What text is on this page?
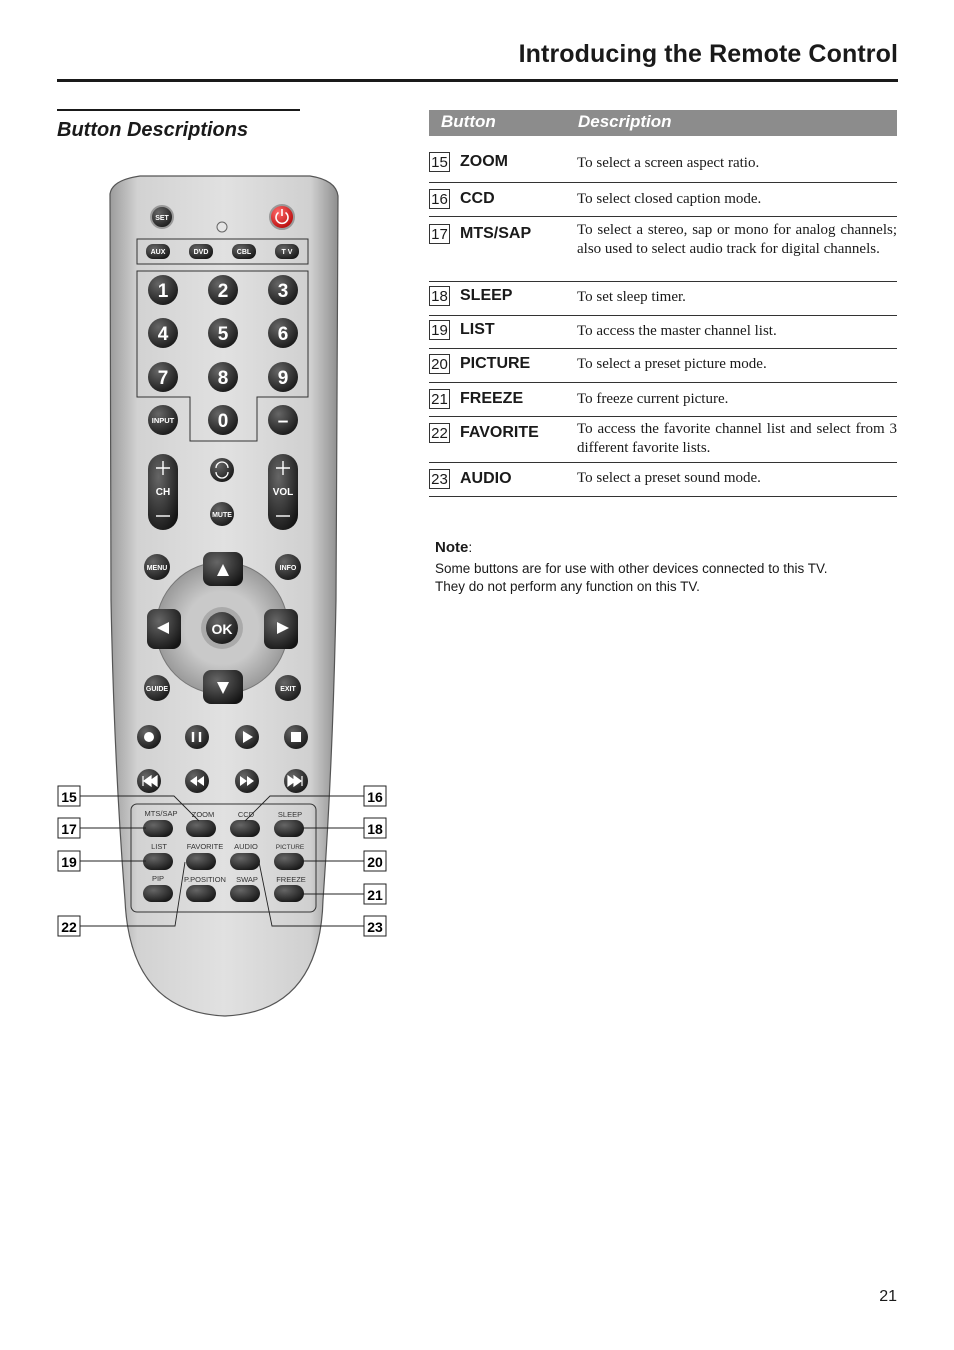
Introducing the Remote Control
Button Descriptions	Button	Description
15 ZOOM	To select a screen aspect ratio.
16 CCD	To select closed caption mode.
17 MTS/SAP	To select a stereo, sap or mono for analog channels; also used to select audio track for digital channels.
18 SLEEP	To set sleep timer.
19 LIST	To access the master channel list.
20 PICTURE	To select a preset picture mode.
21 FREEZE	To freeze current picture.
22 FAVORITE	To access the favorite channel list and select from 3 different favorite lists.
23 AUDIO	To select a preset sound mode.
Note:
Some buttons are for use with other devices connected to this TV.
They do not perform any function on this TV.
SET
AUX	DVD	CBL	T V
1	2	3
4	5	6
7	8	9
0	–
INPUT
CH	VOL
MUTE
MENU	INFO
GUIDE	EXIT
OK
MTS/SAP ZOOM	CCD	SLEEP
LIST	FAVORITE AUDIO	PICTURE
PIP	P.POSITION SWAP FREEZE
15
17
19
22
16
18
20
21
23
21
